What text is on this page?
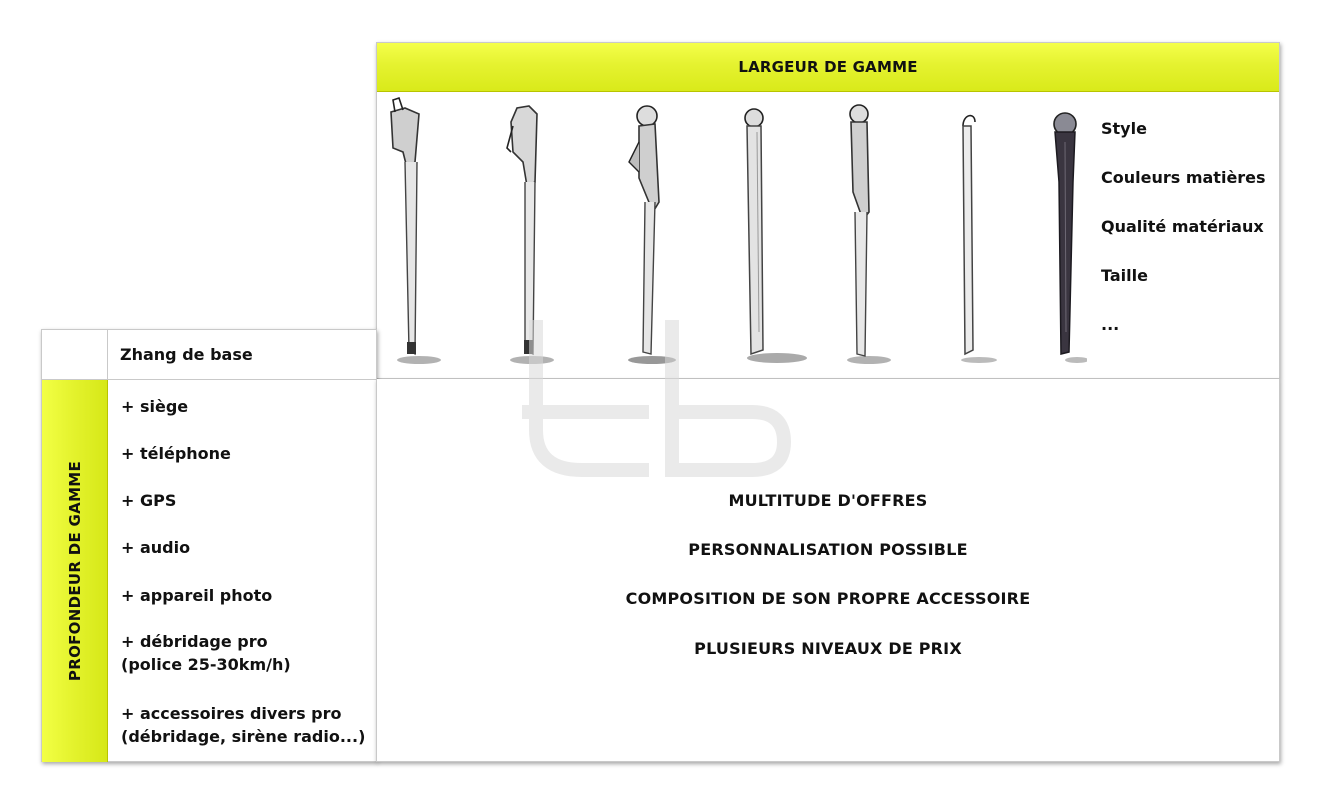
LARGEUR DE GAMME
Style
Couleurs matières
Qualité matériaux
Taille
...
Zhang de base
PROFONDEUR DE GAMME
+ siège
+ téléphone
+ GPS
+ audio
+ appareil photo
+ débridage pro
(police 25-30km/h)
+ accessoires divers pro
(débridage, sirène radio...)
MULTITUDE D'OFFRES
PERSONNALISATION POSSIBLE
COMPOSITION DE SON PROPRE ACCESSOIRE
PLUSIEURS NIVEAUX DE PRIX
